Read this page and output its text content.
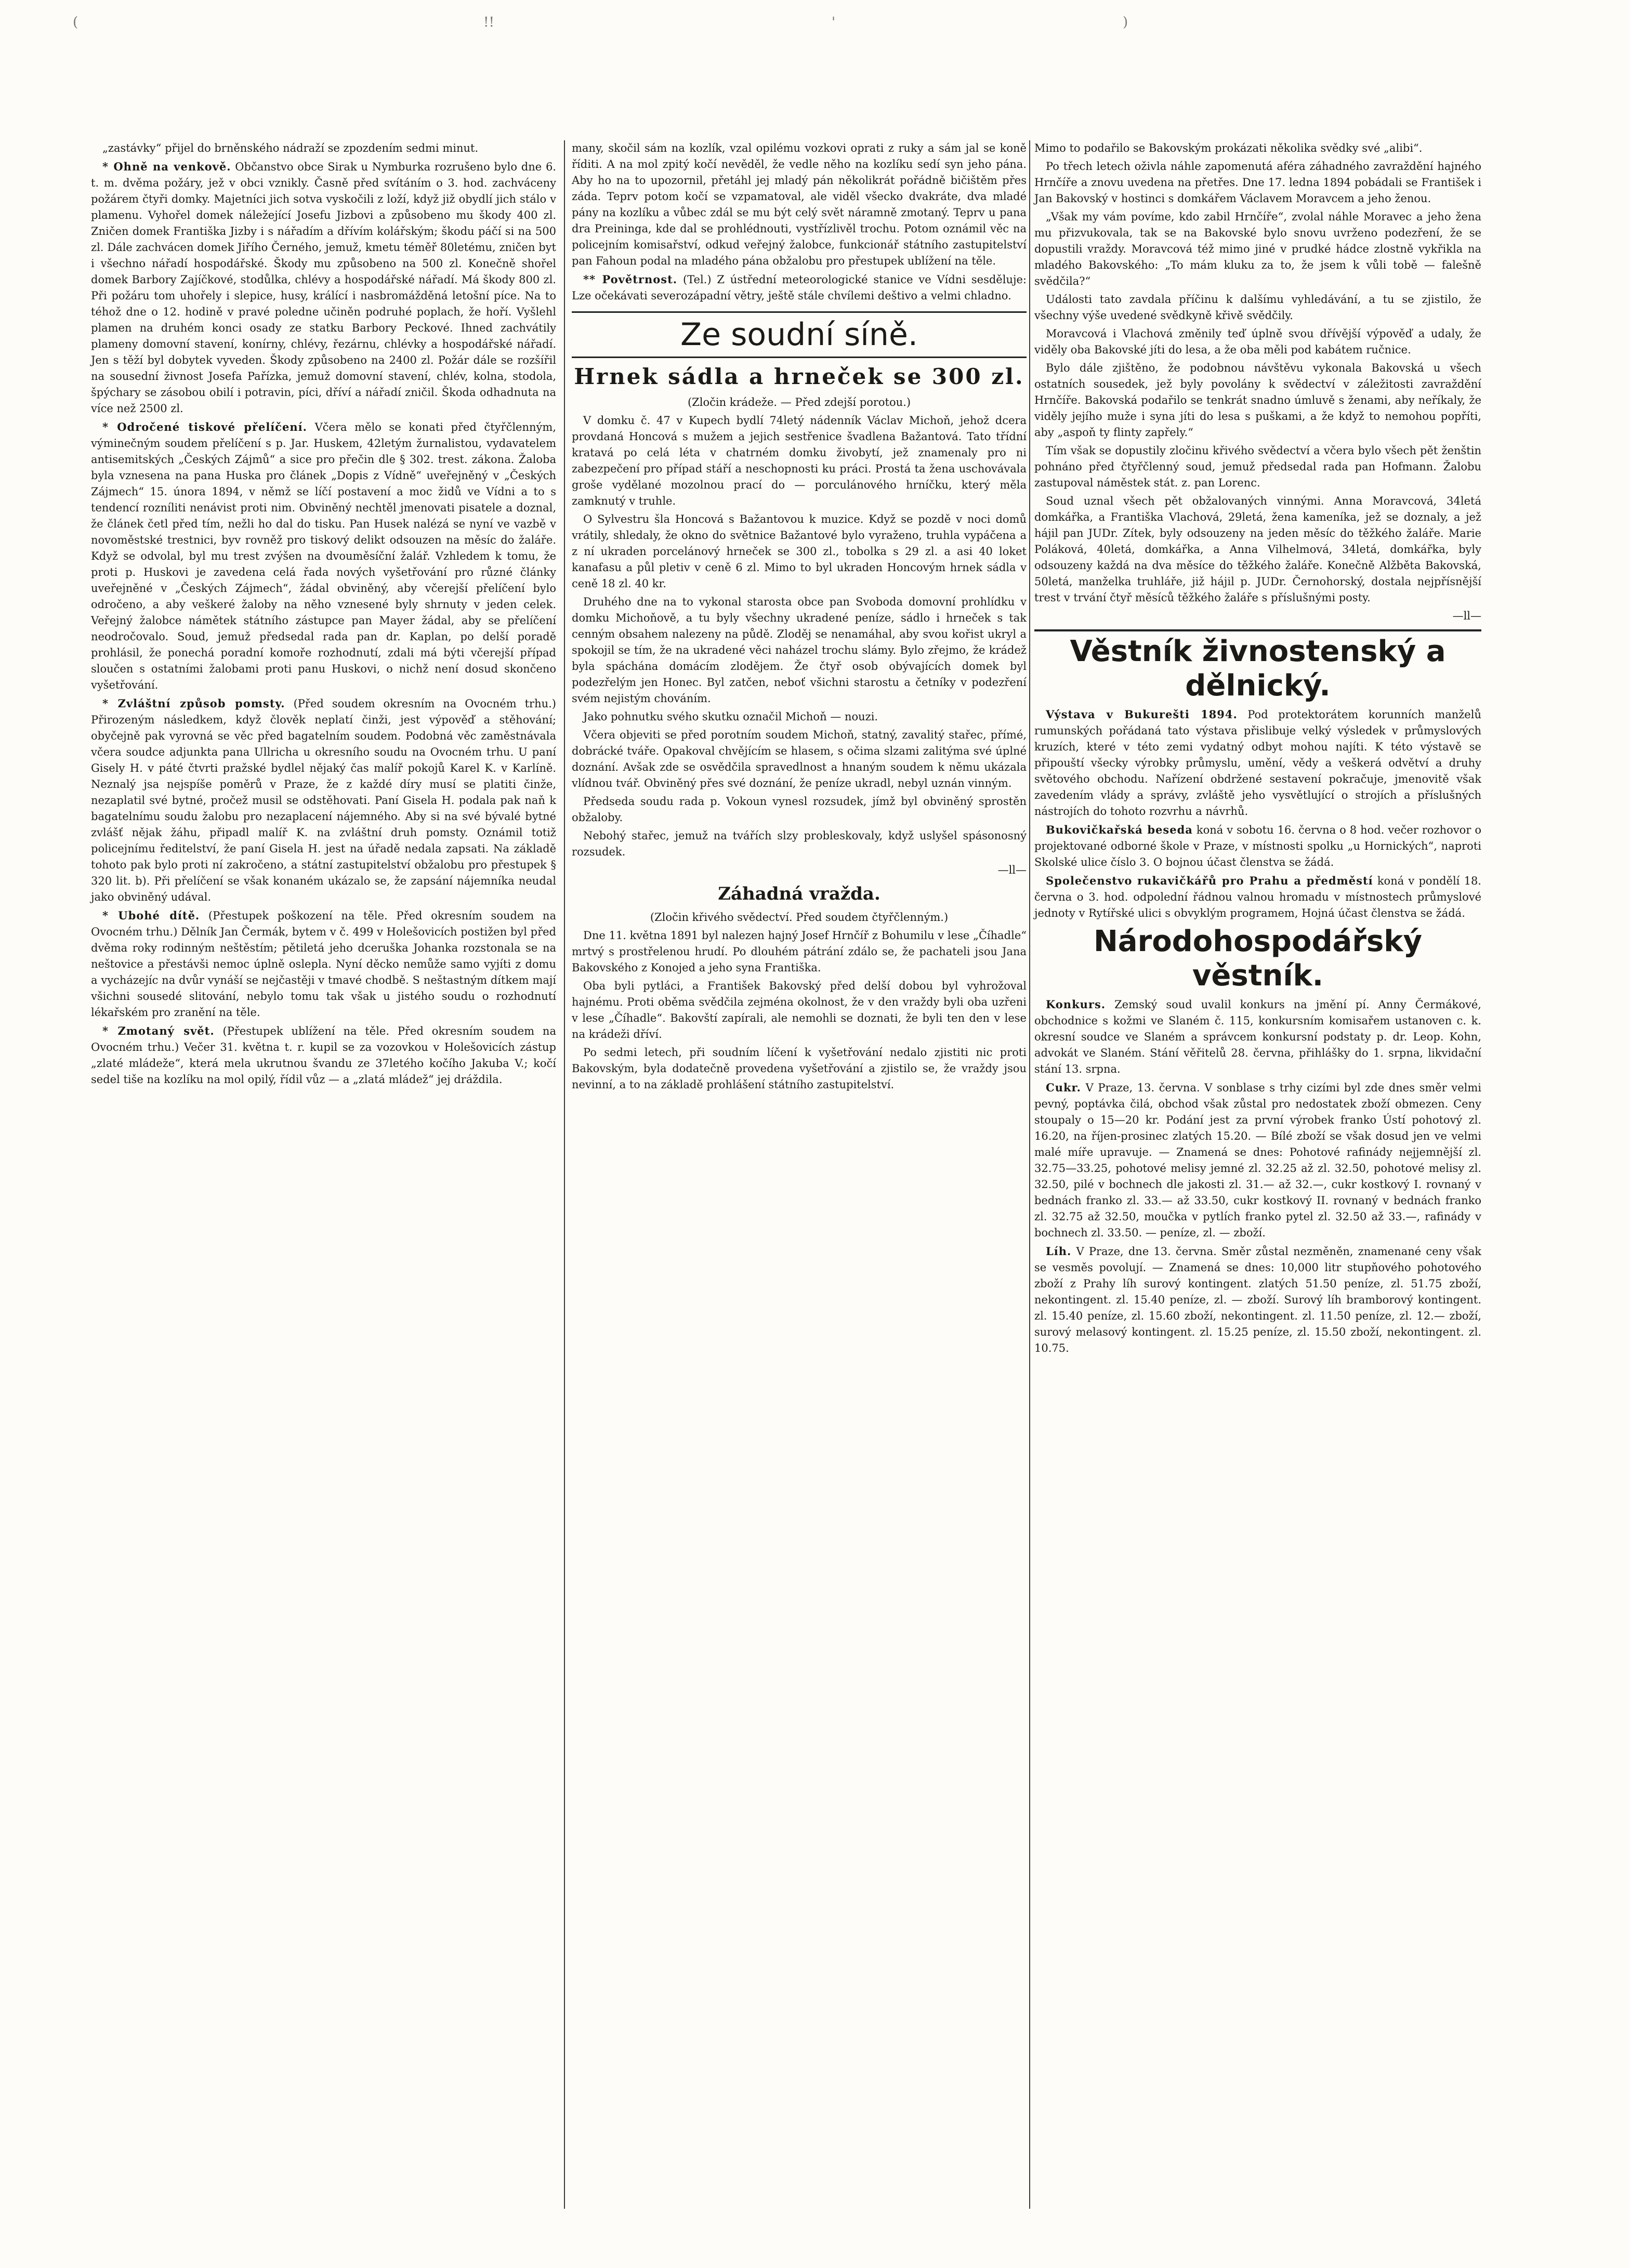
(	!!	'	)

„zastávky“ přijel do brněnského nádraží se zpozdením sedmi minut.

* Ohně na venkově. Občanstvo obce Sirak u Nymburka rozrušeno bylo dne 6. t. m. dvěma požáry, jež v obci vznikly. Časně před svítáním o 3. hod. zachváceny požárem čtyři domky. Majetníci jich sotva vyskočili z loží, když již obydlí jich stálo v plamenu. Vyhořel domek náležející Josefu Jizbovi a způsobeno mu škody 400 zl. Zničen domek Františka Jizby i s nářadím a dřívím kolářským; škodu páčí si na 500 zl. Dále zachvácen domek Jiřího Černého, jemuž, kmetu téměř 80letému, zničen byt i všechno nářadí hospodářské. Škody mu způsobeno na 500 zl. Konečně shořel domek Barbory Zajíčkové, stodůlka, chlévy a hospodářské nářadí. Má škody 800 zl. Při požáru tom uhořely i slepice, husy, králící i nasbromážděná letošní píce. Na to téhož dne o 12. hodině v pravé poledne učiněn podruhé poplach, že hoří. Vyšlehl plamen na druhém konci osady ze statku Barbory Peckové. Ihned zachvátily plameny domovní stavení, konírny, chlévy, řezárnu, chlévky a hospodářské nářadí. Jen s těží byl dobytek vyveden. Škody způsobeno na 2400 zl. Požár dále se rozšířil na sousední živnost Josefa Pařízka, jemuž domovní stavení, chlév, kolna, stodola, špýchary se zásobou obilí i potravin, píci, dříví a nářadí zničil. Škoda odhadnuta na více než 2500 zl.

* Odročené tiskové přelíčení. Včera mělo se konati před čtyřčlenným, výminečným soudem přelíčení s p. Jar. Huskem, 42letým žurnalistou, vydavatelem antisemitských „Českých Zájmů“ a sice pro přečin dle § 302. trest. zákona. Žaloba byla vznesena na pana Huska pro článek „Dopis z Vídně“ uveřejněný v „Českých Zájmech“ 15. února 1894, v němž se líčí postavení a moc židů ve Vídni a to s tendencí rozníliti nenávist proti nim. Obviněný nechtěl jmenovati pisatele a doznal, že článek četl před tím, nežli ho dal do tisku. Pan Husek nalézá se nyní ve vazbě v novoměstské trestnici, byv rovněž pro tiskový delikt odsouzen na měsíc do žaláře. Když se odvolal, byl mu trest zvýšen na dvouměsíční žalář. Vzhledem k tomu, že proti p. Huskovi je zavedena celá řada nových vyšetřování pro různé články uveřejněné v „Českých Zájmech“, žádal obviněný, aby včerejší přelíčení bylo odročeno, a aby veškeré žaloby na něho vznesené byly shrnuty v jeden celek. Veřejný žalobce námětek státního zástupce pan Mayer žádal, aby se přelíčení neodročovalo. Soud, jemuž předsedal rada pan dr. Kaplan, po delší poradě prohlásil, že ponechá poradní komoře rozhodnutí, zdali má býti včerejší případ sloučen s ostatními žalobami proti panu Huskovi, o nichž není dosud skončeno vyšetřování.

* Zvláštní způsob pomsty. (Před soudem okresním na Ovocném trhu.) Přirozeným následkem, když člověk neplatí činži, jest výpověď a stěhování; obyčejně pak vyrovná se věc před bagatelním soudem. Podobná věc zaměstnávala včera soudce adjunkta pana Ullricha u okresního soudu na Ovocném trhu. U paní Gisely H. v páté čtvrti pražské bydlel nějaký čas malíř pokojů Karel K. v Karlíně. Neznalý jsa nejspíše poměrů v Praze, že z každé díry musí se platiti činže, nezaplatil své bytné, pročež musil se odstěhovati. Paní Gisela H. podala pak naň k bagatelnímu soudu žalobu pro nezaplacení nájemného. Aby si na své bývalé bytné zvlášť nějak žáhu, připadl malíř K. na zvláštní druh pomsty. Oznámil totiž policejnímu ředitelství, že paní Gisela H. jest na úřadě nedala zapsati. Na základě tohoto pak bylo proti ní zakročeno, a státní zastupitelství obžalobu pro přestupek § 320 lit. b). Při přelíčení se však konaném ukázalo se, že zapsání nájemníka neudal jako obviněný udával.

* Ubohé dítě. (Přestupek poškození na těle. Před okresním soudem na Ovocném trhu.) Dělník Jan Čermák, bytem v č. 499 v Holešovicích postižen byl před dvěma roky rodinným neštěstím; pětiletá jeho dceruška Johanka rozstonala se na neštovice a přestávši nemoc úplně oslepla. Nyní děcko nemůže samo vyjíti z domu a vycházejíc na dvůr vynáší se nejčastěji v tmavé chodbě. S neštastným dítkem mají všichni sousedé slitování, nebylo tomu tak však u jistého soudu o rozhodnutí lékařském pro zranění na těle.

* Zmotaný svět. (Přestupek ublížení na těle. Před okresním soudem na Ovocném trhu.) Večer 31. května t. r. kupil se za vozovkou v Holešovicích zástup „zlaté mládeže“, která mela ukrutnou švandu ze 37letého kočího Jakuba V.; kočí sedel tiše na kozlíku na mol opilý, řídil vůz — a „zlatá mládež“ jej dráždila.

many, skočil sám na kozlík, vzal opilému vozkovi oprati z ruky a sám jal se koně říditi. A na mol zpitý kočí nevěděl, že vedle něho na kozlíku sedí syn jeho pána. Aby ho na to upozornil, přetáhl jej mladý pán několikrát pořádně bičištěm přes záda. Teprv potom kočí se vzpamatoval, ale viděl všecko dvakráte, dva mladé pány na kozlíku a vůbec zdál se mu být celý svět náramně zmotaný. Teprv u pana dra Preininga, kde dal se prohlédnouti, vystřízlivěl trochu. Potom oznámil věc na policejním komisařství, odkud veřejný žalobce, funkcionář státního zastupitelství pan Fahoun podal na mladého pána obžalobu pro přestupek ublížení na těle.

** Povětrnost. (Tel.) Z ústřední meteorologické stanice ve Vídni sesděluje: Lze očekávati severozápadní větry, ještě stále chvílemi deštivo a velmi chladno.

Ze soudní síně.
Hrnek sádla a hrneček se 300 zl.

(Zločin krádeže. — Před zdejší porotou.)

V domku č. 47 v Kupech bydlí 74letý nádenník Václav Michoň, jehož dcera provdaná Honcová s mužem a jejich sestřenice švadlena Bažantová. Tato třídní kratavá po celá léta v chatrném domku živobytí, jež znamenaly pro ni zabezpečení pro případ stáří a neschopnosti ku práci. Prostá ta žena uschovávala groše vydělané mozolnou prací do — porculánového hrníčku, který měla zamknutý v truhle.

O Sylvestru šla Honcová s Bažantovou k muzice. Když se pozdě v noci domů vrátily, shledaly, že okno do světnice Bažantové bylo vyraženo, truhla vypáčena a z ní ukraden porcelánový hrneček se 300 zl., tobolka s 29 zl. a asi 40 loket kanafasu a půl pletiv v ceně 6 zl. Mimo to byl ukraden Honcovým hrnek sádla v ceně 18 zl. 40 kr.

Druhého dne na to vykonal starosta obce pan Svoboda domovní prohlídku v domku Michoňově, a tu byly všechny ukradené peníze, sádlo i hrneček s tak cenným obsahem nalezeny na půdě. Zloděj se nenamáhal, aby svou kořist ukryl a spokojil se tím, že na ukradené věci naházel trochu slámy. Bylo zřejmo, že krádež byla spáchána domácím zlodějem. Že čtyř osob obývajících domek byl podezřelým jen Honec. Byl zatčen, neboť všichni starostu a četníky v podezření svém nejistým chováním.

Jako pohnutku svého skutku označil Michoň — nouzi.

Včera objeviti se před porotním soudem Michoň, statný, zavalitý stařec, přímé, dobrácké tváře. Opakoval chvějícím se hlasem, s očima slzami zalitýma své úplné doznání. Avšak zde se osvědčila spravedlnost a hnaným soudem k němu ukázala vlídnou tvář. Obviněný přes své doznání, že peníze ukradl, nebyl uznán vinným.

Předseda soudu rada p. Vokoun vynesl rozsudek, jímž byl obviněný sprostěn obžaloby.

Nebohý stařec, jemuž na tvářích slzy probleskovaly, když uslyšel spásonosný rozsudek.

—ll—

Záhadná vražda.

(Zločin křivého svědectví. Před soudem čtyřčlenným.)

Dne 11. května 1891 byl nalezen hajný Josef Hrnčíř z Bohumilu v lese „Číhadle“ mrtvý s prostřelenou hrudí. Po dlouhém pátrání zdálo se, že pachateli jsou Jana Bakovského z Konojed a jeho syna Františka.

Oba byli pytláci, a František Bakovský před delší dobou byl vyhrožoval hajnému. Proti oběma svědčila zejména okolnost, že v den vraždy byli oba uzřeni v lese „Číhadle“. Bakovští zapírali, ale nemohli se doznati, že byli ten den v lese na krádeži dříví.

Po sedmi letech, při soudním líčení k vyšetřování nedalo zjistiti nic proti Bakovským, byla dodatečně provedena vyšetřování a zjistilo se, že vraždy jsou nevinní, a to na základě prohlášení státního zastupitelství.

Mimo to podařilo se Bakovským prokázati několika svědky své „alibi“.

Po třech letech oživla náhle zapomenutá aféra záhadného zavraždění hajného Hrnčíře a znovu uvedena na přetřes. Dne 17. ledna 1894 pobádali se František i Jan Bakovský v hostinci s domkářem Václavem Moravcem a jeho ženou.

„Však my vám povíme, kdo zabil Hrnčíře“, zvolal náhle Moravec a jeho žena mu přizvukovala, tak se na Bakovské bylo snovu uvrženo podezření, že se dopustili vraždy. Moravcová též mimo jiné v prudké hádce zlostně vykřikla na mladého Bakovského: „To mám kluku za to, že jsem k vůli tobě — falešně svědčila?“

Události tato zavdala příčinu k dalšímu vyhledávání, a tu se zjistilo, že všechny výše uvedené svědkyně křivě svědčily.

Moravcová i Vlachová změnily teď úplně svou dřívější výpověď a udaly, že viděly oba Bakovské jíti do lesa, a že oba měli pod kabátem ručnice.

Bylo dále zjištěno, že podobnou návštěvu vykonala Bakovská u všech ostatních sousedek, jež byly povolány k svědectví v záležitosti zavraždění Hrnčíře. Bakovská podařilo se tenkrát snadno úmluvě s ženami, aby neříkaly, že viděly jejího muže i syna jíti do lesa s puškami, a že když to nemohou popříti, aby „aspoň ty flinty zapřely.“

Tím však se dopustily zločinu křivého svědectví a včera bylo všech pět ženštin pohnáno před čtyřčlenný soud, jemuž předsedal rada pan Hofmann. Žalobu zastupoval náměstek stát. z. pan Lorenc.

Soud uznal všech pět obžalovaných vinnými. Anna Moravcová, 34letá domkářka, a Františka Vlachová, 29letá, žena kameníka, jež se doznaly, a jež hájil pan JUDr. Zítek, byly odsouzeny na jeden měsíc do těžkého žaláře. Marie Poláková, 40letá, domkářka, a Anna Vilhelmová, 34letá, domkářka, byly odsouzeny každá na dva měsíce do těžkého žaláře. Konečně Alžběta Bakovská, 50letá, manželka truhláře, již hájil p. JUDr. Černohorský, dostala nejpřísnější trest v trvání čtyř měsíců těžkého žaláře s příslušnými posty.

—ll—

Věstník živnostenský a dělnický.

Výstava v Bukurešti 1894. Pod protektorátem korunních manželů rumunských pořádaná tato výstava přislibuje velký výsledek v průmyslových kruzích, které v této zemi vydatný odbyt mohou najíti. K této výstavě se připouští všecky výrobky průmyslu, umění, vědy a veškerá odvětví a druhy světového obchodu. Nařízení obdržené sestavení pokračuje, jmenovitě však zavedením vlády a správy, zvláště jeho vysvětlující o strojích a příslušných nástrojích do tohoto rozvrhu a návrhů.

Bukovičkařská beseda koná v sobotu 16. června o 8 hod. večer rozhovor o projektované odborné škole v Praze, v místnosti spolku „u Hornických“, naproti Skolské ulice číslo 3. O bojnou účast členstva se žádá.

Společenstvo rukavičkářů pro Prahu a předměstí koná v pondělí 18. června o 3. hod. odpolední řádnou valnou hromadu v místnostech průmyslové jednoty v Rytířské ulici s obvyklým programem, Hojná účast členstva se žádá.

Národohospodářský věstník.

Konkurs. Zemský soud uvalil konkurs na jmění pí. Anny Čermákové, obchodnice s kožmi ve Slaném č. 115, konkursním komisařem ustanoven c. k. okresní soudce ve Slaném a správcem konkursní podstaty p. dr. Leop. Kohn, advokát ve Slaném. Stání věřitelů 28. června, přihlášky do 1. srpna, likvidační stání 13. srpna.

Cukr. V Praze, 13. června. V sonblase s trhy cizími byl zde dnes směr velmi pevný, poptávka čilá, obchod však zůstal pro nedostatek zboží obmezen. Ceny stoupaly o 15—20 kr. Podání jest za první výrobek franko Ústí pohotový zl. 16.20, na říjen-prosinec zlatých 15.20. — Bílé zboží se však dosud jen ve velmi malé míře upravuje. — Znamená se dnes: Pohotové rafinády nejjemnější zl. 32.75—33.25, pohotové melisy jemné zl. 32.25 až zl. 32.50, pohotové melisy zl. 32.50, pilé v bochnech dle jakosti zl. 31.— až 32.—, cukr kostkový I. rovnaný v bednách franko zl. 33.— až 33.50, cukr kostkový II. rovnaný v bednách franko zl. 32.75 až 32.50, moučka v pytlích franko pytel zl. 32.50 až 33.—, rafinády v bochnech zl. 33.50. — peníze, zl. — zboží.

Líh. V Praze, dne 13. června. Směr zůstal nezměněn, znamenané ceny však se vesměs povolují. — Znamená se dnes: 10,000 litr stupňového pohotového zboží z Prahy líh surový kontingent. zlatých 51.50 peníze, zl. 51.75 zboží, nekontingent. zl. 15.40 peníze, zl. — zboží. Surový líh bramborový kontingent. zl. 15.40 peníze, zl. 15.60 zboží, nekontingent. zl. 11.50 peníze, zl. 12.— zboží, surový melasový kontingent. zl. 15.25 peníze, zl. 15.50 zboží, nekontingent. zl. 10.75.
